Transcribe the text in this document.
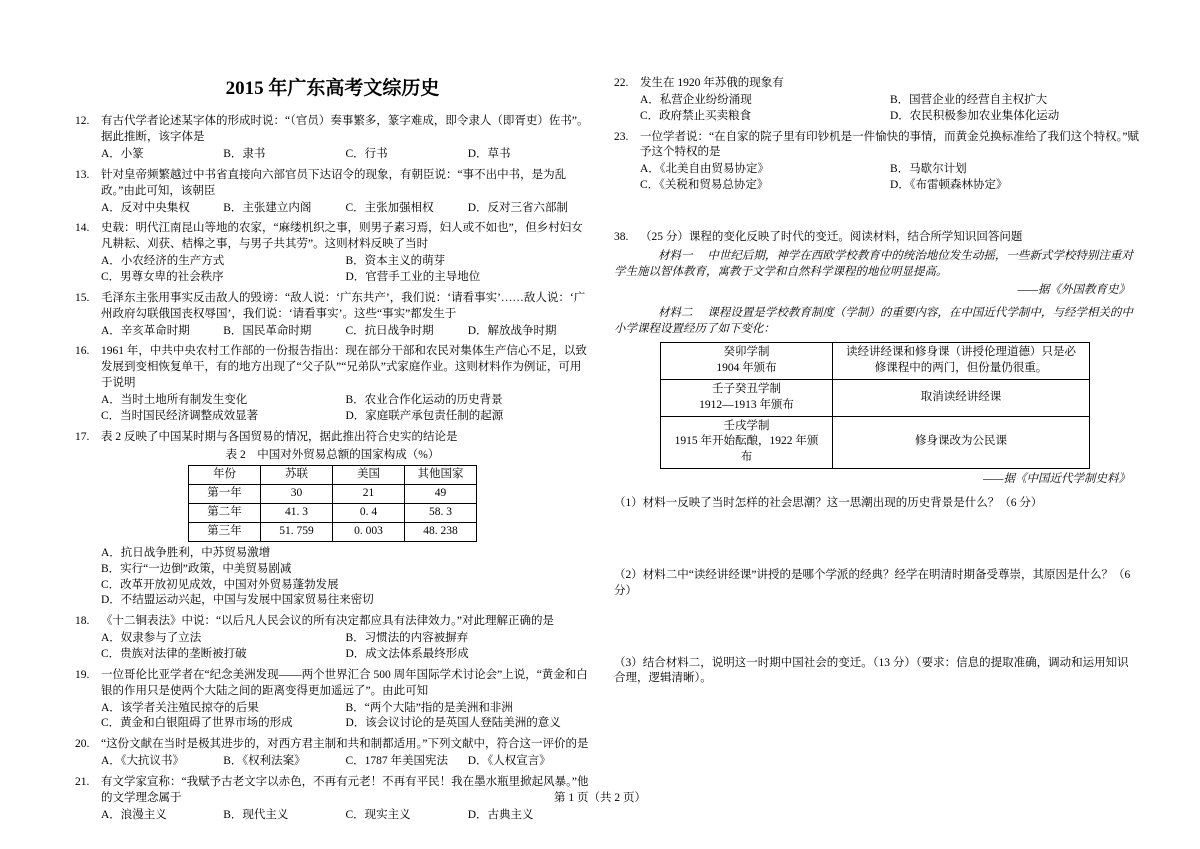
2015 年广东高考文综历史
12.	有古代学者论述某字体的形成时说：“（官员）奏事繁多，篆字难成，即令隶人（即胥吏）佐书”。据此推断，该字体是
A．小篆	B．隶书	C．行书	D．草书
13.	针对皇帝频繁越过中书省直接向六部官员下达诏令的现象，有朝臣说：“事不出中书，是为乱政。”由此可知，该朝臣
A．反对中央集权	B．主张建立内阁	C．主张加强相权	D．反对三省六部制
14.	史载：明代江南昆山等地的农家，“麻缕机织之事，则男子素习焉，妇人或不如也”，但乡村妇女凡耕耘、刈获、桔槔之事，与男子共其劳”。这则材料反映了当时
A．小农经济的生产方式	B．资本主义的萌芽
C．男尊女卑的社会秩序	D．官营手工业的主导地位
15.	毛泽东主张用事实反击敌人的毁谤：“敌人说：‘广东共产’，我们说：‘请看事实’……敌人说：‘广州政府勾联俄国丧权辱国’，我们说：‘请看事实’。这些“事实”都发生于
A．辛亥革命时期	B．国民革命时期	C．抗日战争时期	D．解放战争时期
16.	1961 年，中共中央农村工作部的一份报告指出：现在部分干部和农民对集体生产信心不足，以致发展到变相恢复单干，有的地方出现了“父子队”“兄弟队”式家庭作业。这则材料作为例证，可用于说明
A．当时土地所有制发生变化	B．农业合作化运动的历史背景
C．当时国民经济调整成效显著	D．家庭联产承包责任制的起源
17.	表 2 反映了中国某时期与各国贸易的情况，据此推出符合史实的结论是
表 2　中国对外贸易总额的国家构成（%）
年份	苏联	美国	其他国家
第一年	30	21	49
第二年	41. 3	0. 4	58. 3
第三年	51. 759	0. 003	48. 238
A．抗日战争胜利，中苏贸易激增
B．实行“一边倒”政策，中美贸易剧减
C．改革开放初见成效，中国对外贸易蓬勃发展
D．不结盟运动兴起，中国与发展中国家贸易往来密切
18.	《十二铜表法》中说：“以后凡人民会议的所有决定都应具有法律效力。”对此理解正确的是
A．奴隶参与了立法	B．习惯法的内容被摒弃
C．贵族对法律的垄断被打破	D．成文法体系最终形成
19.	一位哥伦比亚学者在“纪念美洲发现——两个世界汇合 500 周年国际学术讨论会”上说，“黄金和白银的作用只是使两个大陆之间的距离变得更加遥远了”。由此可知
A．该学者关注殖民掠夺的后果	B．“两个大陆”指的是美洲和非洲
C．黄金和白银阻碍了世界市场的形成	D．该会议讨论的是英国人登陆美洲的意义
20.	“这份文献在当时是极其进步的，对西方君主制和共和制都适用。”下列文献中，符合这一评价的是
A．《大抗议书》	B．《权利法案》	C．1787 年美国宪法	D．《人权宣言》
21.	有文学家宣称：“我赋予古老文字以赤色，不再有元老！不再有平民！我在墨水瓶里掀起风暴。”他的文学理念属于
A．浪漫主义	B．现代主义	C．现实主义	D．古典主义
22.	发生在 1920 年苏俄的现象有
A．私营企业纷纷涌现	B．国营企业的经营自主权扩大
C．政府禁止买卖粮食	D．农民积极参加农业集体化运动
23.	一位学者说：“在自家的院子里有印钞机是一件愉快的事情，而黄金兑换标准给了我们这个特权。”赋予这个特权的是
A．《北美自由贸易协定》	B．马歇尔计划
C．《关税和贸易总协定》	D．《布雷顿森林协定》
38.	（25 分）课程的变化反映了时代的变迁。阅读材料，结合所学知识回答问题

材料一 中世纪后期，神学在西欧学校教育中的统治地位发生动摇，一些新式学校特别注重对学生施以智体教育，寓教于文学和自然科学课程的地位明显提高。

——据《外国教育史》

材料二 课程设置是学校教育制度（学制）的重要内容，在中国近代学制中，与经学相关的中小学课程设置经历了如下变化：

癸卯学制
1904 年颁布	读经讲经课和修身课（讲授伦理道德）只是必修课程中的两门，但份量仍很重。

壬子癸丑学制
1912—1913 年颁布	取消读经讲经课

壬戌学制
1915 年开始酝酿，1922 年颁布	修身课改为公民课

——据《中国近代学制史料》

（1）材料一反映了当时怎样的社会思潮？这一思潮出现的历史背景是什么？（6 分）

（2）材料二中“读经讲经课”讲授的是哪个学派的经典？经学在明清时期备受尊崇，其原因是什么？（6 分）

（3）结合材料二，说明这一时期中国社会的变迁。（13 分）（要求：信息的提取准确，调动和运用知识合理，逻辑清晰）。

第 1 页（共 2 页）
